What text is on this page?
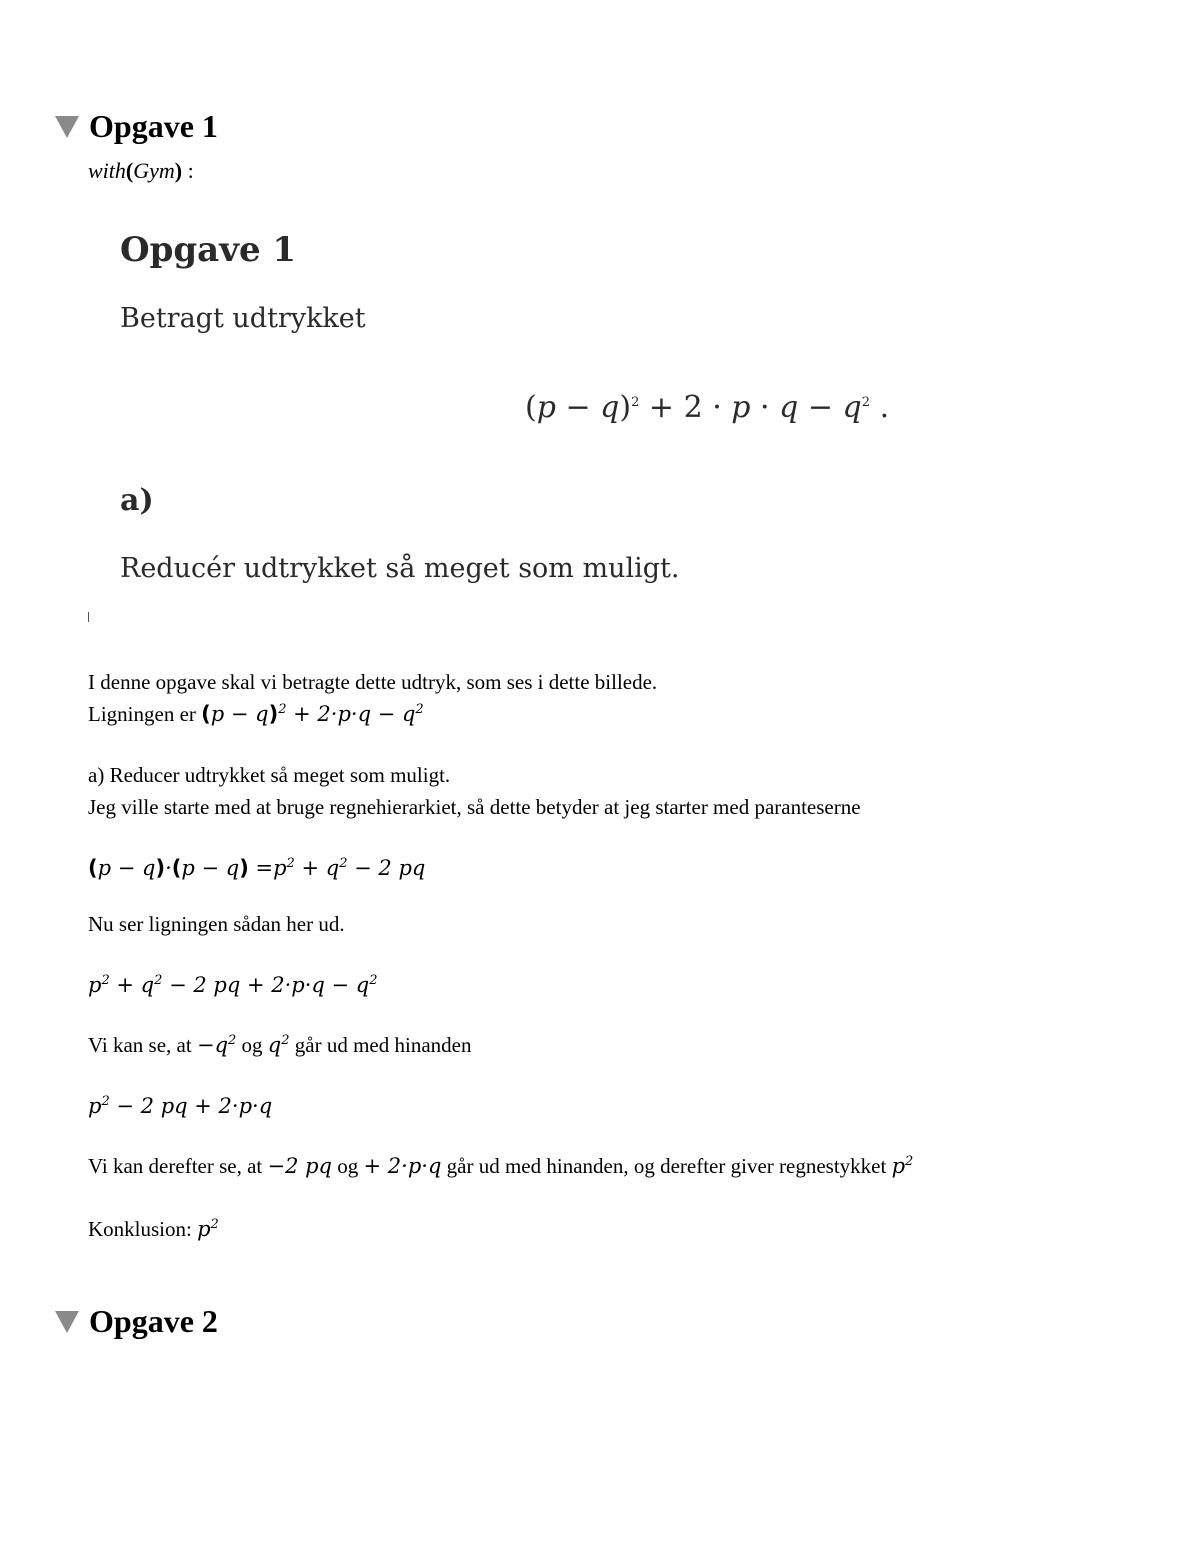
Opgave 1
with(Gym) :
Opgave 1
Betragt udtrykket
$(p - q)^2 + 2 \cdot p \cdot q - q^2$ .
a)
Reducér udtrykket så meget som muligt.
I denne opgave skal vi betragte dette udtryk, som ses i dette billede.
Ligningen er $(p - q)^2 + 2\cdot p\cdot q - q^2$
a) Reducer udtrykket så meget som muligt.
Jeg ville starte med at bruge regnehierarkiet, så dette betyder at jeg starter med paranteserne
$(p - q)\cdot(p - q) =p^2 + q^2 - 2$ pq
Nu ser ligningen sådan her ud.
$p^2 + q^2 - 2$ pq + $2\cdot p\cdot q - q^2$
Vi kan se, at $-q^2$ og $q^2$ går ud med hinanden
$p^2 - 2$ pq + 2·p·q
Vi kan derefter se, at −2 pq og + 2·p·q går ud med hinanden, og derefter giver regnestykket $p^2$
Konklusion: $p^2$
Opgave 2
